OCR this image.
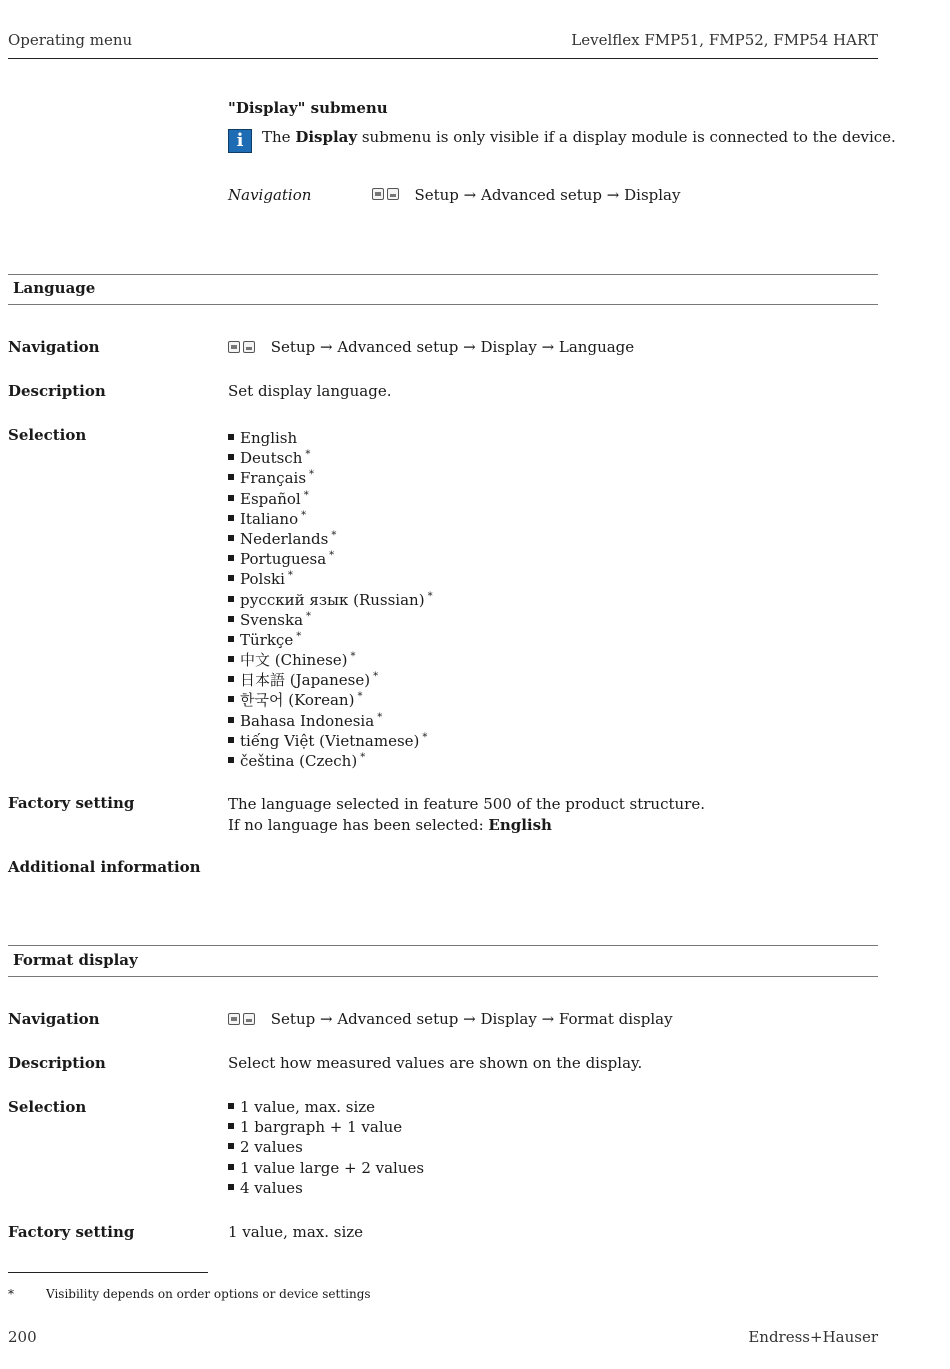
Operating menu	Levelflex FMP51, FMP52, FMP54 HART
"Display" submenu
i	The Display submenu is only visible if a display module is connected to the device.
Navigation	Setup → Advanced setup → Display
Language
Navigation	Setup → Advanced setup → Display → Language
Description	Set display language.
Selection	English
Deutsch *
Français *
Español *
Italiano *
Nederlands *
Portuguesa *
Polski *
русский язык (Russian) *
Svenska *
Türkçe *
中文 (Chinese) *
日本語 (Japanese) *
한국어 (Korean) *
Bahasa Indonesia *
tiếng Việt (Vietnamese) *
čeština (Czech) *
Factory setting	The language selected in feature 500 of the product structure.
If no language has been selected: English
Additional information
Format display
Navigation	Setup → Advanced setup → Display → Format display
Description	Select how measured values are shown on the display.
Selection	1 value, max. size
1 bargraph + 1 value
2 values
1 value large + 2 values
4 values
Factory setting	1 value, max. size
*	Visibility depends on order options or device settings
200	Endress+Hauser
